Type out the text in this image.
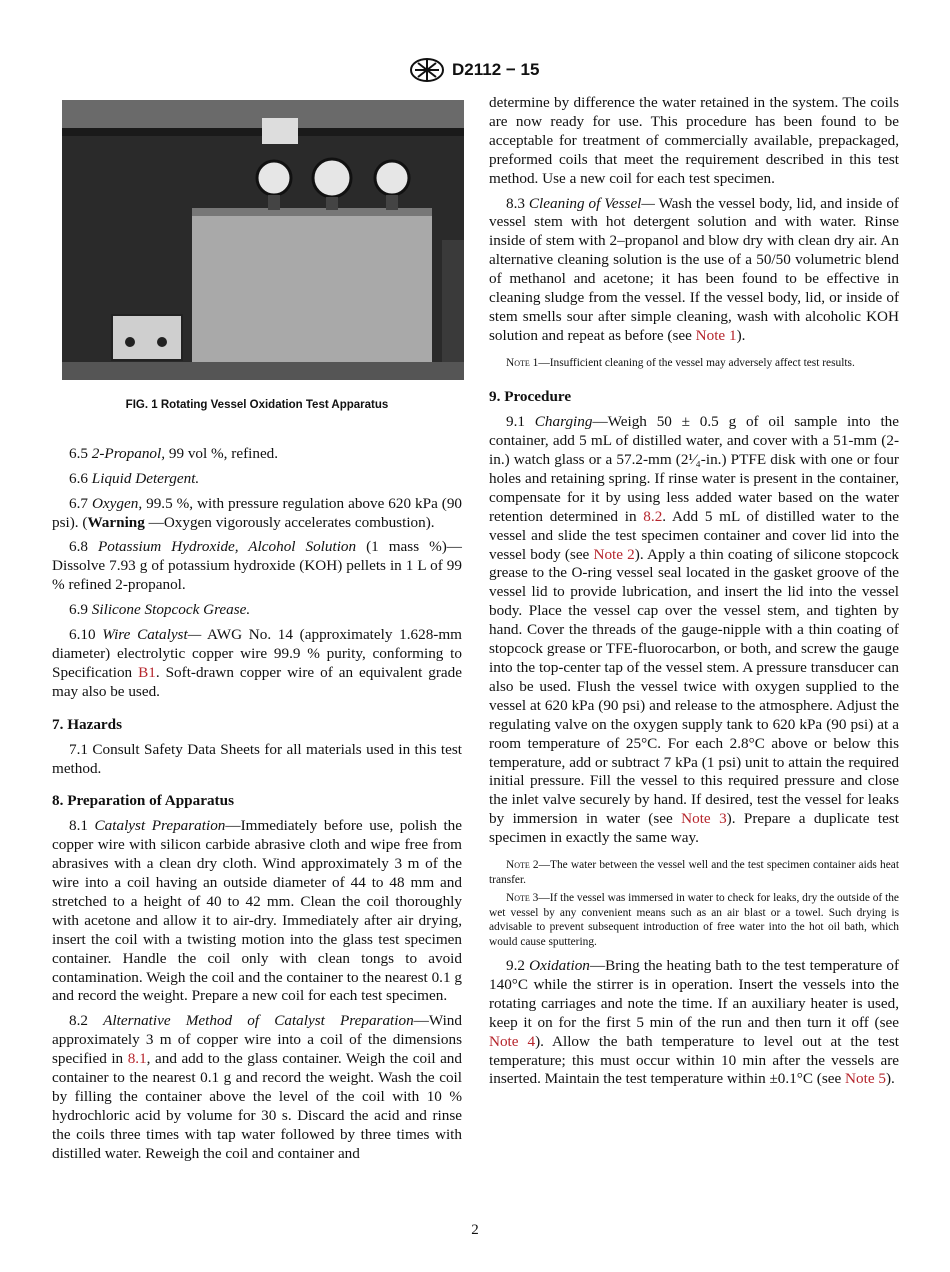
D2112 − 15
FIG. 1 Rotating Vessel Oxidation Test Apparatus

6.5 2-Propanol, 99 vol %, refined.

6.6 Liquid Detergent.

6.7 Oxygen, 99.5 %, with pressure regulation above 620 kPa (90 psi). (Warning —Oxygen vigorously accelerates combustion).

6.8 Potassium Hydroxide, Alcohol Solution (1 mass %)— Dissolve 7.93 g of potassium hydroxide (KOH) pellets in 1 L of 99 % refined 2-propanol.

6.9 Silicone Stopcock Grease.

6.10 Wire Catalyst— AWG No. 14 (approximately 1.628-mm diameter) electrolytic copper wire 99.9 % purity, conforming to Specification B1. Soft-drawn copper wire of an equivalent grade may also be used.

7. Hazards

7.1 Consult Safety Data Sheets for all materials used in this test method.

8. Preparation of Apparatus

8.1 Catalyst Preparation—Immediately before use, polish the copper wire with silicon carbide abrasive cloth and wipe free from abrasives with a clean dry cloth. Wind approximately 3 m of the wire into a coil having an outside diameter of 44 to 48 mm and stretched to a height of 40 to 42 mm. Clean the coil thoroughly with acetone and allow it to air-dry. Immediately after air drying, insert the coil with a twisting motion into the glass test specimen container. Handle the coil only with clean tongs to avoid contamination. Weigh the coil and the container to the nearest 0.1 g and record the weight. Prepare a new coil for each test specimen.

8.2 Alternative Method of Catalyst Preparation—Wind approximately 3 m of copper wire into a coil of the dimensions specified in 8.1, and add to the glass container. Weigh the coil and container to the nearest 0.1 g and record the weight. Wash the coil by filling the container above the level of the coil with 10 % hydrochloric acid by volume for 30 s. Discard the acid and rinse the coils three times with tap water followed by three times with distilled water. Reweigh the coil and container and

determine by difference the water retained in the system. The coils are now ready for use. This procedure has been found to be acceptable for treatment of commercially available, prepackaged, preformed coils that meet the requirement described in this test method. Use a new coil for each test specimen.

8.3 Cleaning of Vessel— Wash the vessel body, lid, and inside of vessel stem with hot detergent solution and with water. Rinse inside of stem with 2–propanol and blow dry with clean dry air. An alternative cleaning solution is the use of a 50/50 volumetric blend of methanol and acetone; it has been found to be effective in cleaning sludge from the vessel. If the vessel body, lid, or inside of stem smells sour after simple cleaning, wash with alcoholic KOH solution and repeat as before (see Note 1).

Note 1—Insufficient cleaning of the vessel may adversely affect test results.

9. Procedure

9.1 Charging—Weigh 50 ± 0.5 g of oil sample into the container, add 5 mL of distilled water, and cover with a 51-mm (2-in.) watch glass or a 57.2-mm (2¹⁄₄-in.) PTFE disk with one or four holes and retaining spring. If rinse water is present in the container, compensate for it by using less added water based on the water retention determined in 8.2. Add 5 mL of distilled water to the vessel and slide the test specimen container and cover lid into the vessel body (see Note 2). Apply a thin coating of silicone stopcock grease to the O-ring vessel seal located in the gasket groove of the vessel lid to provide lubrication, and insert the lid into the vessel body. Place the vessel cap over the vessel stem, and tighten by hand. Cover the threads of the gauge-nipple with a thin coating of stopcock grease or TFE-fluorocarbon, or both, and screw the gauge into the top-center tap of the vessel stem. A pressure transducer can also be used. Flush the vessel twice with oxygen supplied to the vessel at 620 kPa (90 psi) and release to the atmosphere. Adjust the regulating valve on the oxygen supply tank to 620 kPa (90 psi) at a room temperature of 25°C. For each 2.8°C above or below this temperature, add or subtract 7 kPa (1 psi) unit to attain the required initial pressure. Fill the vessel to this required pressure and close the inlet valve securely by hand. If desired, test the vessel for leaks by immersion in water (see Note 3). Prepare a duplicate test specimen in exactly the same way.

Note 2—The water between the vessel well and the test specimen container aids heat transfer.

Note 3—If the vessel was immersed in water to check for leaks, dry the outside of the wet vessel by any convenient means such as an air blast or a towel. Such drying is advisable to prevent subsequent introduction of free water into the hot oil bath, which would cause sputtering.

9.2 Oxidation—Bring the heating bath to the test temperature of 140°C while the stirrer is in operation. Insert the vessels into the rotating carriages and note the time. If an auxiliary heater is used, keep it on for the first 5 min of the run and then turn it off (see Note 4). Allow the bath temperature to level out at the test temperature; this must occur within 10 min after the vessels are inserted. Maintain the test temperature within ±0.1°C (see Note 5).

2
